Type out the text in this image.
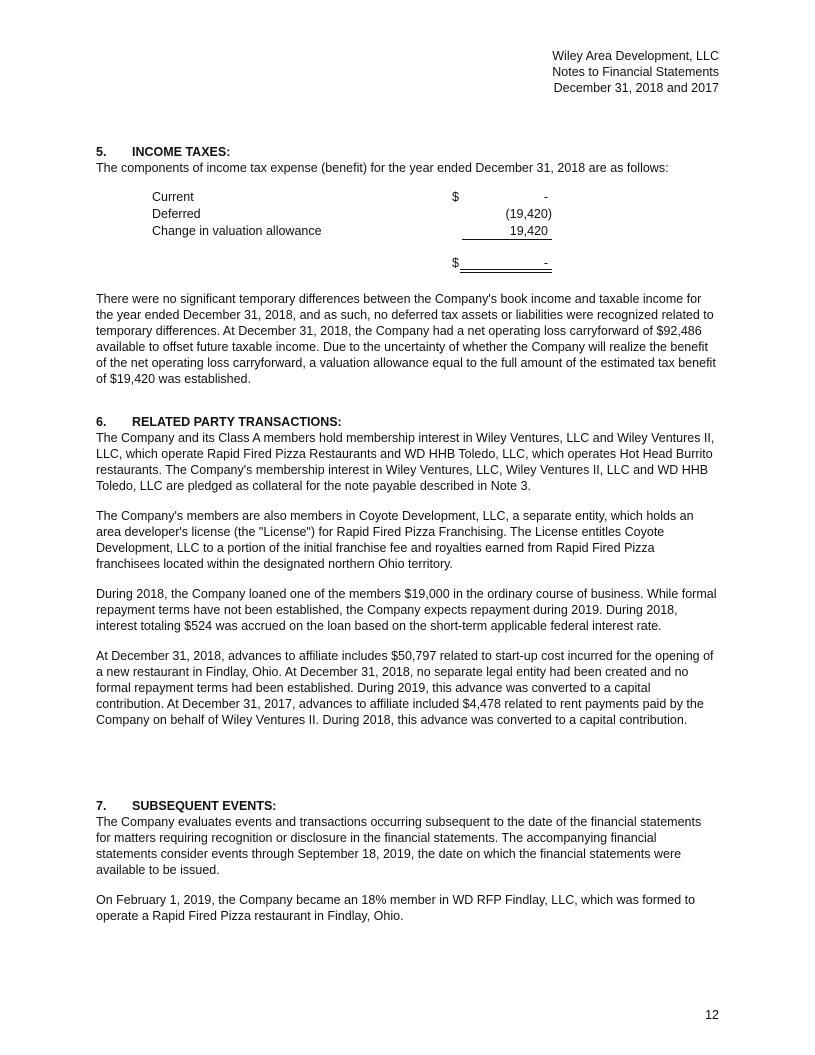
Wiley Area Development, LLC
Notes to Financial Statements
December 31, 2018 and 2017
5. INCOME TAXES:

The components of income tax expense (benefit) for the year ended December 31, 2018 are as follows:

Current	$	-
Deferred	(19,420)
Change in valuation allowance	19,420
$	-

There were no significant temporary differences between the Company's book income and taxable income for the year ended December 31, 2018, and as such, no deferred tax assets or liabilities were recognized related to temporary differences. At December 31, 2018, the Company had a net operating loss carryforward of $92,486 available to offset future taxable income. Due to the uncertainty of whether the Company will realize the benefit of the net operating loss carryforward, a valuation allowance equal to the full amount of the estimated tax benefit of $19,420 was established.

6. RELATED PARTY TRANSACTIONS:

The Company and its Class A members hold membership interest in Wiley Ventures, LLC and Wiley Ventures II, LLC, which operate Rapid Fired Pizza Restaurants and WD HHB Toledo, LLC, which operates Hot Head Burrito restaurants. The Company's membership interest in Wiley Ventures, LLC, Wiley Ventures II, LLC and WD HHB Toledo, LLC are pledged as collateral for the note payable described in Note 3.

The Company's members are also members in Coyote Development, LLC, a separate entity, which holds an area developer's license (the "License") for Rapid Fired Pizza Franchising. The License entitles Coyote Development, LLC to a portion of the initial franchise fee and royalties earned from Rapid Fired Pizza franchisees located within the designated northern Ohio territory.

During 2018, the Company loaned one of the members $19,000 in the ordinary course of business. While formal repayment terms have not been established, the Company expects repayment during 2019. During 2018, interest totaling $524 was accrued on the loan based on the short-term applicable federal interest rate.

At December 31, 2018, advances to affiliate includes $50,797 related to start-up cost incurred for the opening of a new restaurant in Findlay, Ohio. At December 31, 2018, no separate legal entity had been created and no formal repayment terms had been established. During 2019, this advance was converted to a capital contribution. At December 31, 2017, advances to affiliate included $4,478 related to rent payments paid by the Company on behalf of Wiley Ventures II. During 2018, this advance was converted to a capital contribution.

7. SUBSEQUENT EVENTS:

The Company evaluates events and transactions occurring subsequent to the date of the financial statements for matters requiring recognition or disclosure in the financial statements. The accompanying financial statements consider events through September 18, 2019, the date on which the financial statements were available to be issued.

On February 1, 2019, the Company became an 18% member in WD RFP Findlay, LLC, which was formed to operate a Rapid Fired Pizza restaurant in Findlay, Ohio.

12
